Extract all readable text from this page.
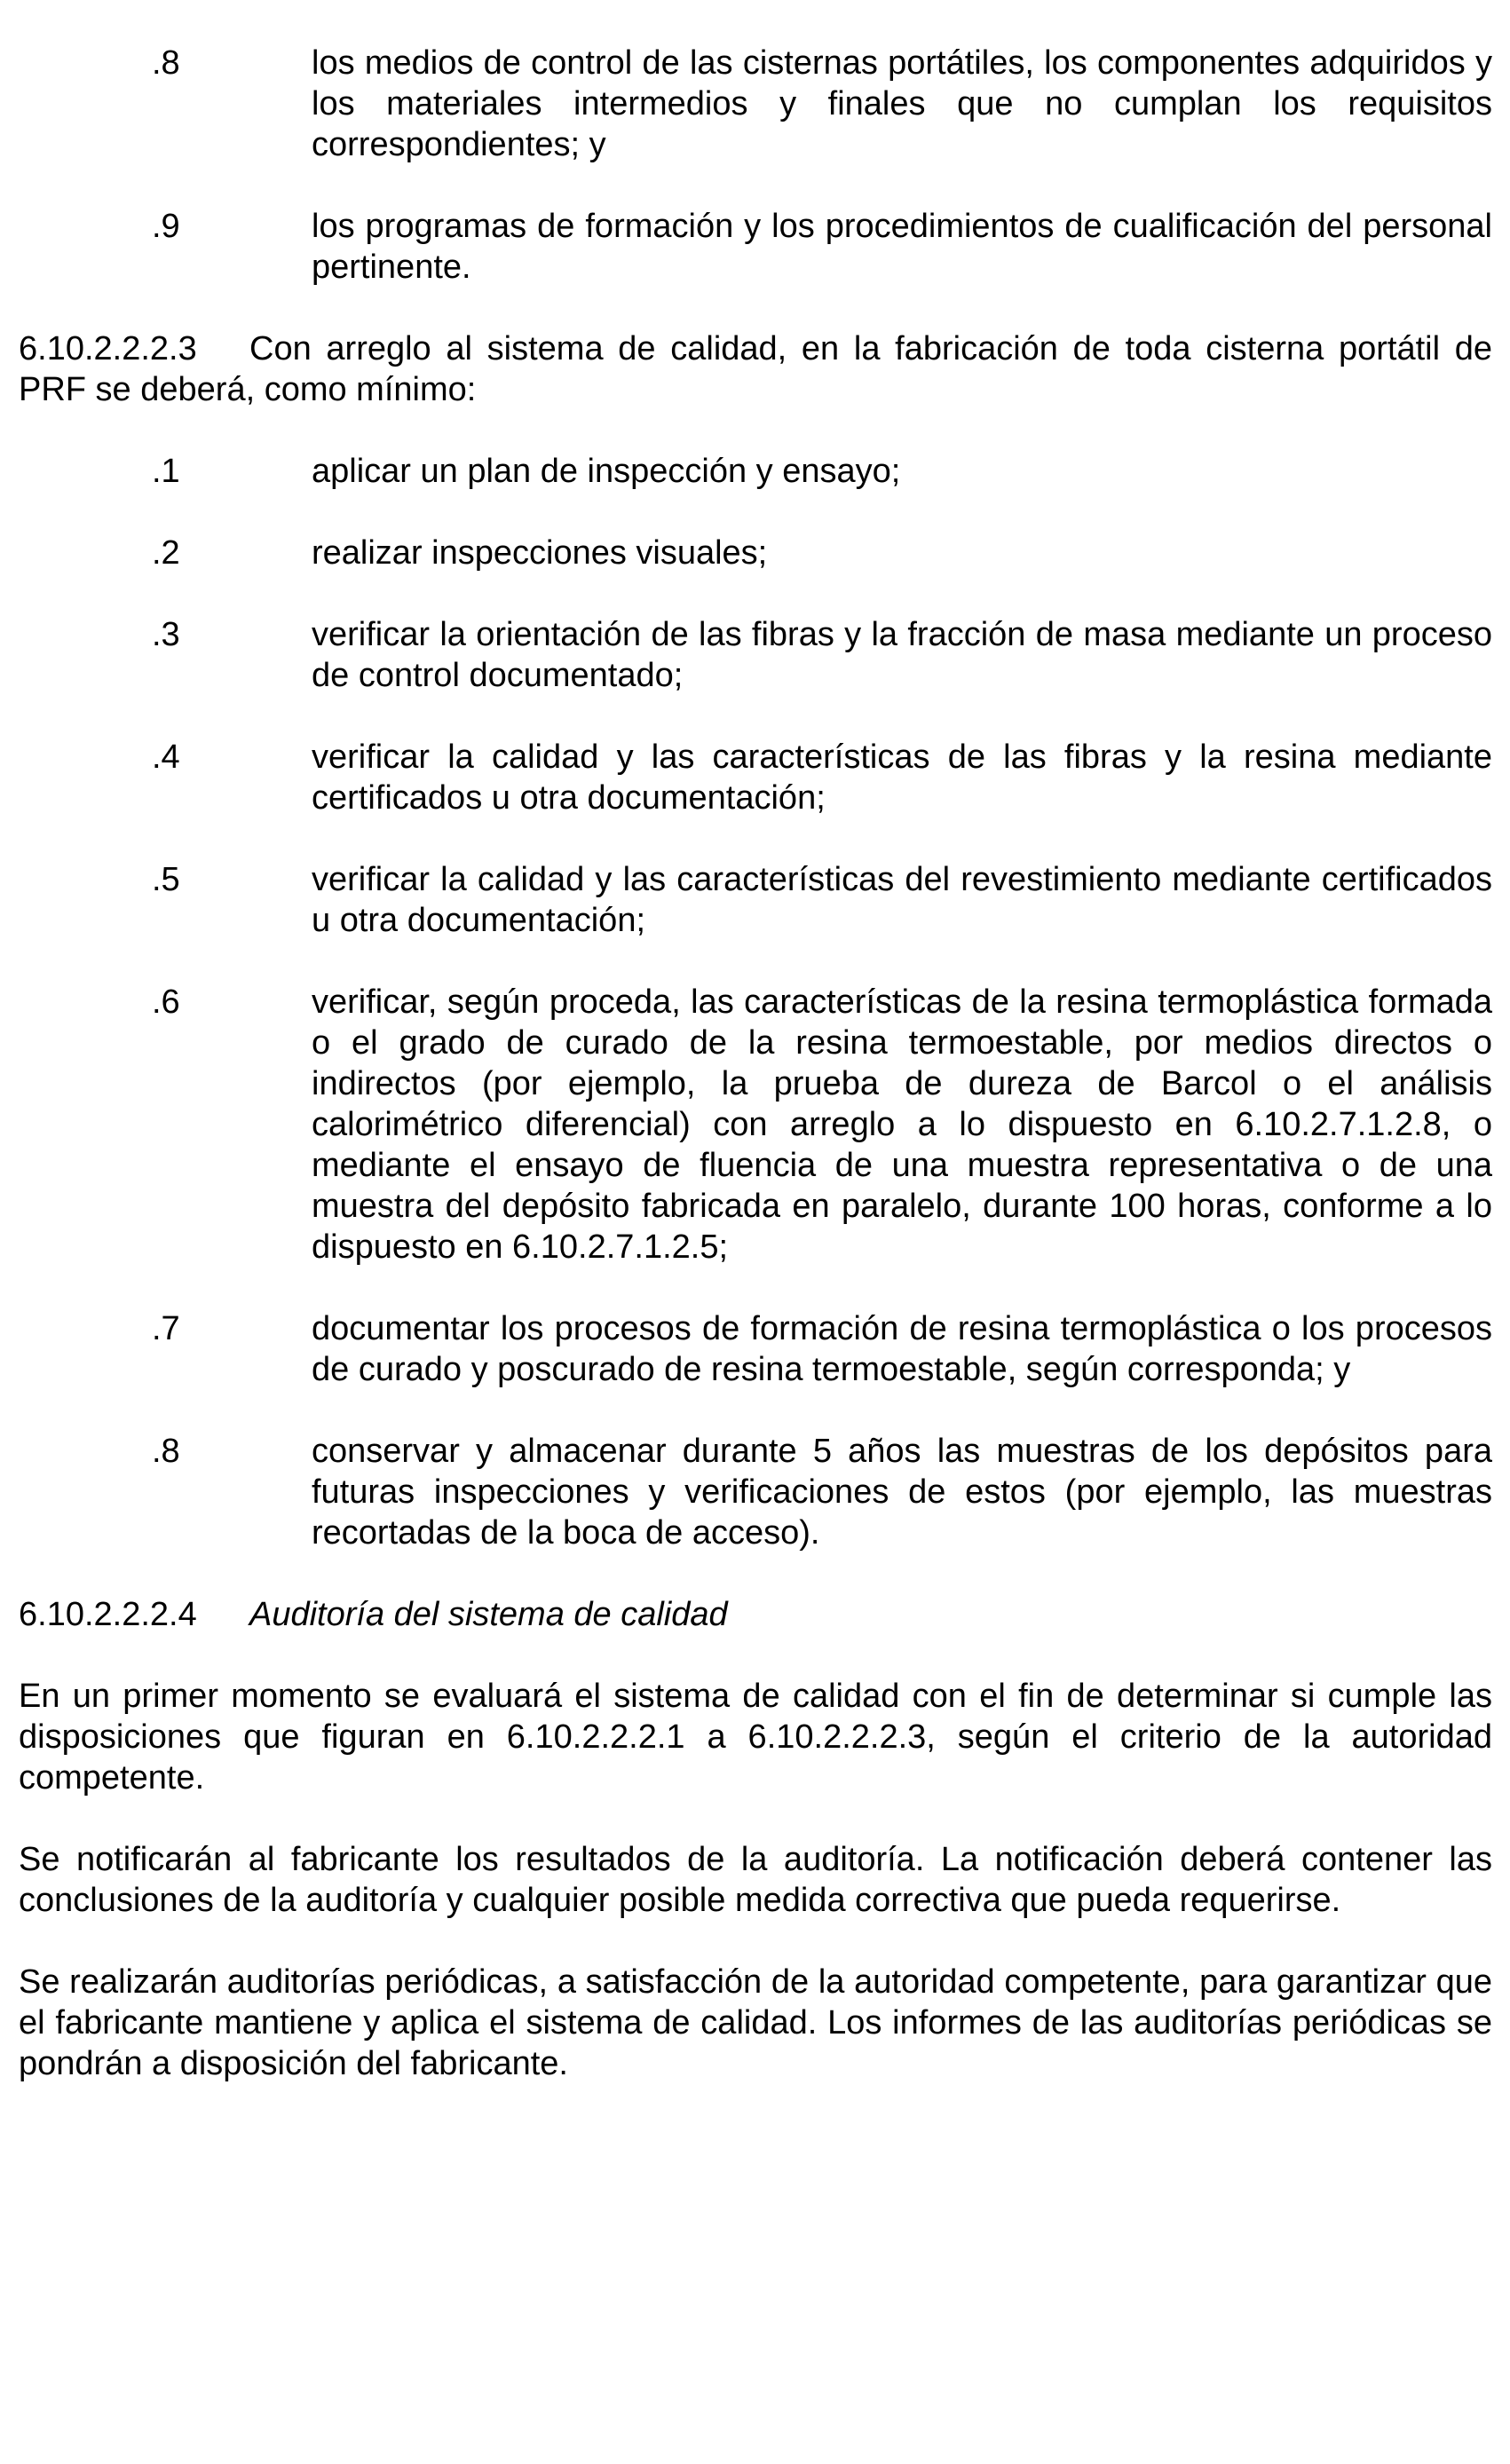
.8	los medios de control de las cisternas portátiles, los componentes adquiridos y los materiales intermedios y finales que no cumplan los requisitos correspondientes; y
.9	los programas de formación y los procedimientos de cualificación del personal pertinente.
6.10.2.2.2.3 Con arreglo al sistema de calidad, en la fabricación de toda cisterna portátil de PRF se deberá, como mínimo:
.1	aplicar un plan de inspección y ensayo;
.2	realizar inspecciones visuales;
.3	verificar la orientación de las fibras y la fracción de masa mediante un proceso de control documentado;
.4	verificar la calidad y las características de las fibras y la resina mediante certificados u otra documentación;
.5	verificar la calidad y las características del revestimiento mediante certificados u otra documentación;
.6	verificar, según proceda, las características de la resina termoplástica formada o el grado de curado de la resina termoestable, por medios directos o indirectos (por ejemplo, la prueba de dureza de Barcol o el análisis calorimétrico diferencial) con arreglo a lo dispuesto en 6.10.2.7.1.2.8, o mediante el ensayo de fluencia de una muestra representativa o de una muestra del depósito fabricada en paralelo, durante 100 horas, conforme a lo dispuesto en 6.10.2.7.1.2.5;
.7	documentar los procesos de formación de resina termoplástica o los procesos de curado y poscurado de resina termoestable, según corresponda; y
.8	conservar y almacenar durante 5 años las muestras de los depósitos para futuras inspecciones y verificaciones de estos (por ejemplo, las muestras recortadas de la boca de acceso).
6.10.2.2.2.4 Auditoría del sistema de calidad
En un primer momento se evaluará el sistema de calidad con el fin de determinar si cumple las disposiciones que figuran en 6.10.2.2.2.1 a 6.10.2.2.2.3, según el criterio de la autoridad competente.
Se notificarán al fabricante los resultados de la auditoría. La notificación deberá contener las conclusiones de la auditoría y cualquier posible medida correctiva que pueda requerirse.
Se realizarán auditorías periódicas, a satisfacción de la autoridad competente, para garantizar que el fabricante mantiene y aplica el sistema de calidad. Los informes de las auditorías periódicas se pondrán a disposición del fabricante.
